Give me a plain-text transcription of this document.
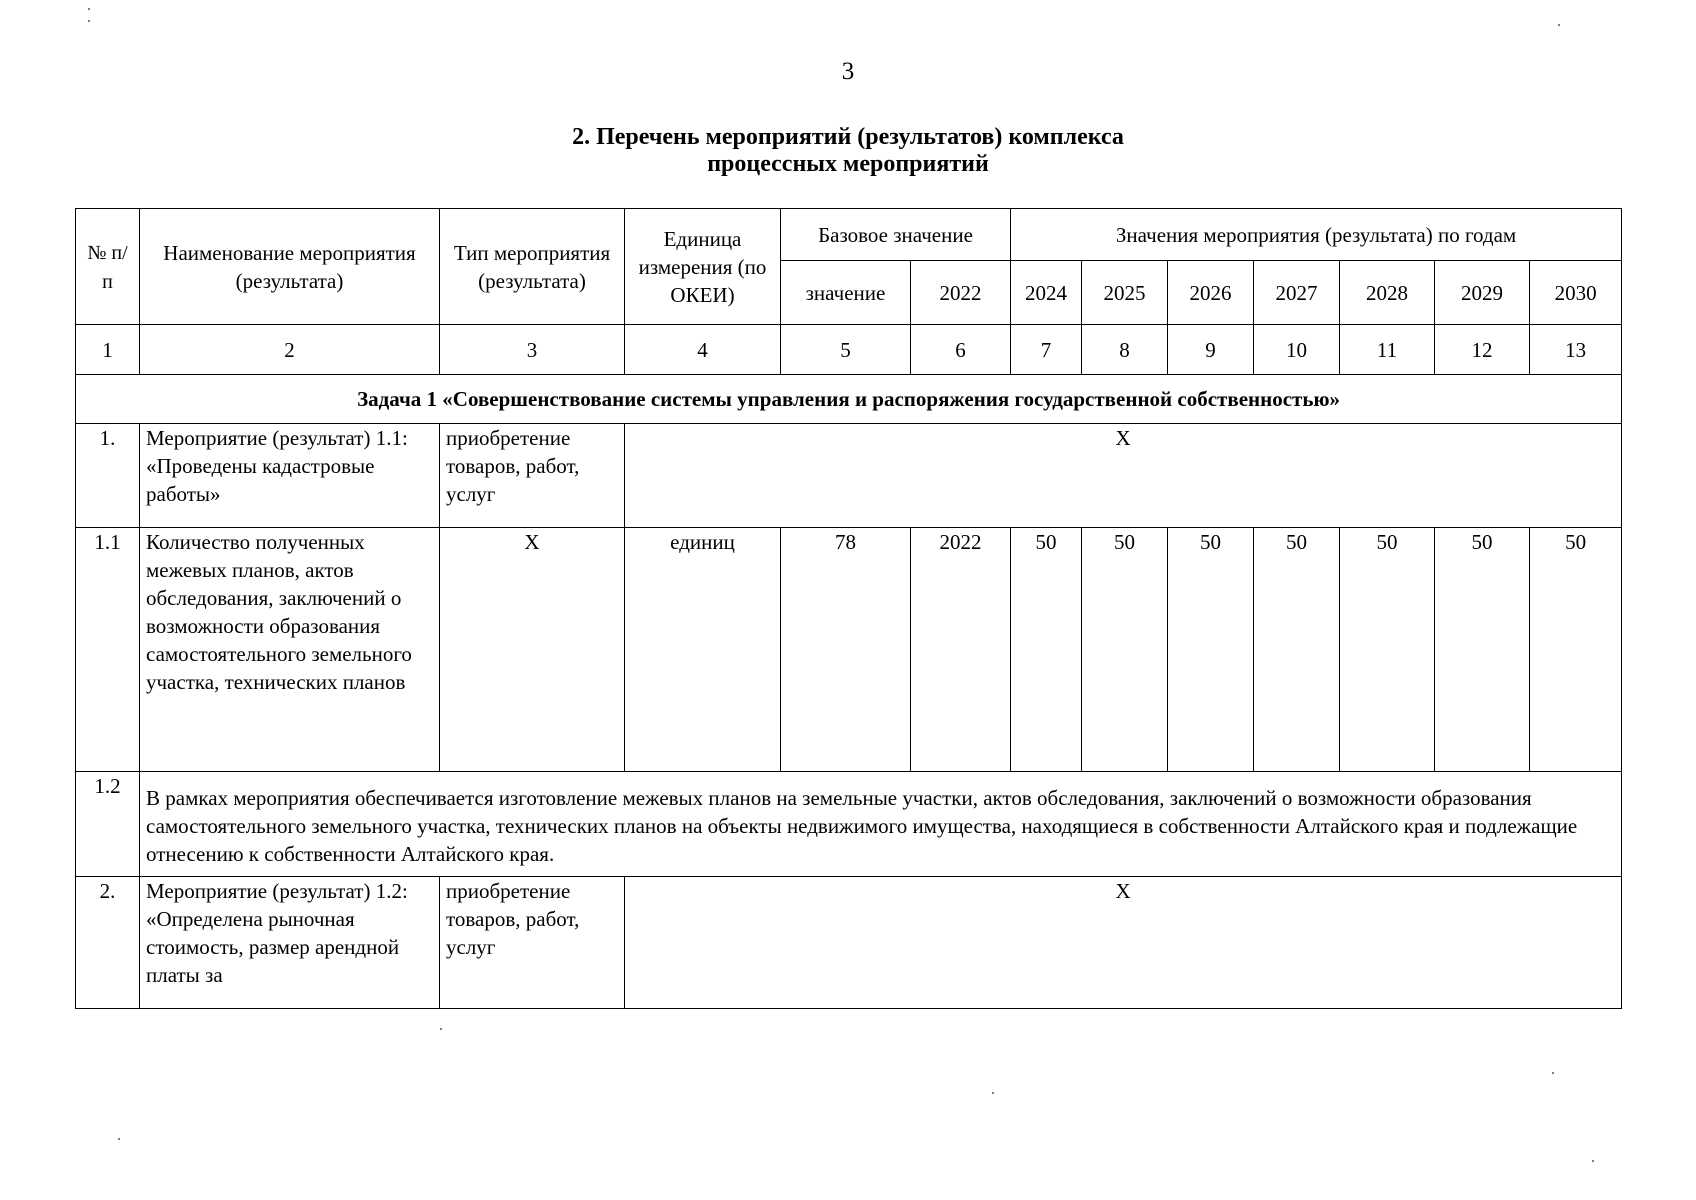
3
2. Перечень мероприятий (результатов) комплекса
процессных мероприятий
№ п/п	Наименование мероприятия (результата)	Тип мероприятия (результата)	Единица измерения (по ОКЕИ)	Базовое значение		Значения мероприятия (результата) по годам						
				значение	2022	2024	2025	2026	2027	2028	2029	2030
1	2	3	4	5	6	7	8	9	10	11	12	13
Задача 1 «Совершенствование системы управления и распоряжения государственной собственностью»												
1.	Мероприятие (результат) 1.1: «Проведены кадастровые работы»	приобретение товаров, работ, услуг	Х									
1.1	Количество полученных межевых планов, актов обследования, заключений о возможности образования самостоятельного земельного участка, технических планов	Х	единиц	78	2022	50	50	50	50	50	50	50
1.2	В рамках мероприятия обеспечивается изготовление межевых планов на земельные участки, актов обследования, заключений о возможности образования самостоятельного земельного участка, технических планов на объекты недвижимого имущества, находящиеся в собственности Алтайского края и подлежащие отнесению к собственности Алтайского края.											
2.	Мероприятие (результат) 1.2: «Определена рыночная стоимость, размер арендной платы за	приобретение товаров, работ, услуг	Х									
